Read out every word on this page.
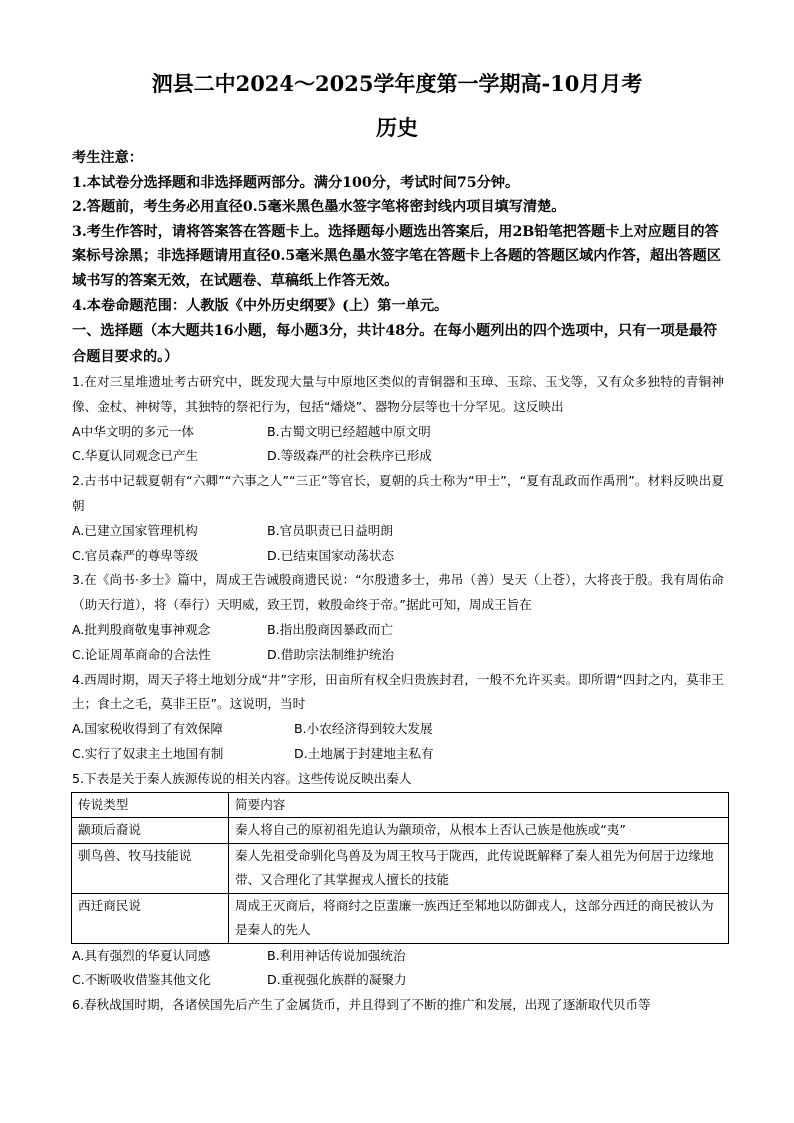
泗县二中2024～2025学年度第一学期高-10月月考
历史

考生注意：

1.本试卷分选择题和非选择题两部分。满分100分，考试时间75分钟。

2.答题前，考生务必用直径0.5毫米黑色墨水签字笔将密封线内项目填写清楚。

3.考生作答时，请将答案答在答题卡上。选择题每小题选出答案后，用2B铅笔把答题卡上对应题目的答案标号涂黑；非选择题请用直径0.5毫米黑色墨水签字笔在答题卡上各题的答题区域内作答，超出答题区域书写的答案无效，在试题卷、草稿纸上作答无效。

4.本卷命题范围：人教版《中外历史纲要》(上）第一单元。

一、选择题（本大题共16小题，每小题3分，共计48分。在每小题列出的四个选项中，只有一项是最符合题目要求的。）

1.在对三星堆遗址考古研究中，既发现大量与中原地区类似的青铜器和玉璋、玉琮、玉戈等，又有众多独特的青铜神像、金杖、神树等，其独特的祭祀行为，包括“燔烧”、器物分层等也十分罕见。这反映出

A中华文明的多元一体	B.古蜀文明已经超越中原文明

C.华夏认同观念已产生	D.等级森严的社会秩序已形成

2.古书中记载夏朝有“六卿”“六事之人”“三正”等官长，夏朝的兵士称为“甲士”，“夏有乱政而作禹刑”。材料反映出夏朝

A.已建立国家管理机构	B.官员职责已日益明朗

C.官员森严的尊卑等级	D.已结束国家动荡状态

3.在《尚书·多士》篇中，周成王告诫殷商遗民说：“尔殷遗多士，弗吊（善）旻天（上苍），大将丧于殷。我有周佑命（助天行道），将（奉行）天明威，致王罚，敕殷命终于帝。”据此可知，周成王旨在

A.批判殷商敬鬼事神观念	B.指出殷商因暴政而亡

C.论证周革商命的合法性	D.借助宗法制维护统治

4.西周时期，周天子将土地划分成“井”字形，田亩所有权全归贵族封君，一般不允许买卖。即所谓“四封之内，莫非王土；食土之毛，莫非王臣”。这说明，当时

A.国家税收得到了有效保障	B.小农经济得到较大发展

C.实行了奴隶主土地国有制	D.土地属于封建地主私有

5.下表是关于秦人族源传说的相关内容。这些传说反映出秦人

传说类型	简要内容
颛顼后裔说	秦人将自己的原初祖先追认为颛顼帝，从根本上否认己族是他族或“夷”
驯鸟兽、牧马技能说	秦人先祖受命驯化鸟兽及为周王牧马于陇西，此传说既解释了秦人祖先为何居于边缘地带、又合理化了其掌握戎人擅长的技能
西迁商民说	周成王灭商后，将商纣之臣蜚廉一族西迁至邾地以防御戎人，这部分西迁的商民被认为是秦人的先人

A.具有强烈的华夏认同感	B.利用神话传说加强统治

C.不断吸收借鉴其他文化	D.重视强化族群的凝聚力

6.春秋战国时期，各诸侯国先后产生了金属货币，并且得到了不断的推广和发展，出现了逐渐取代贝币等
